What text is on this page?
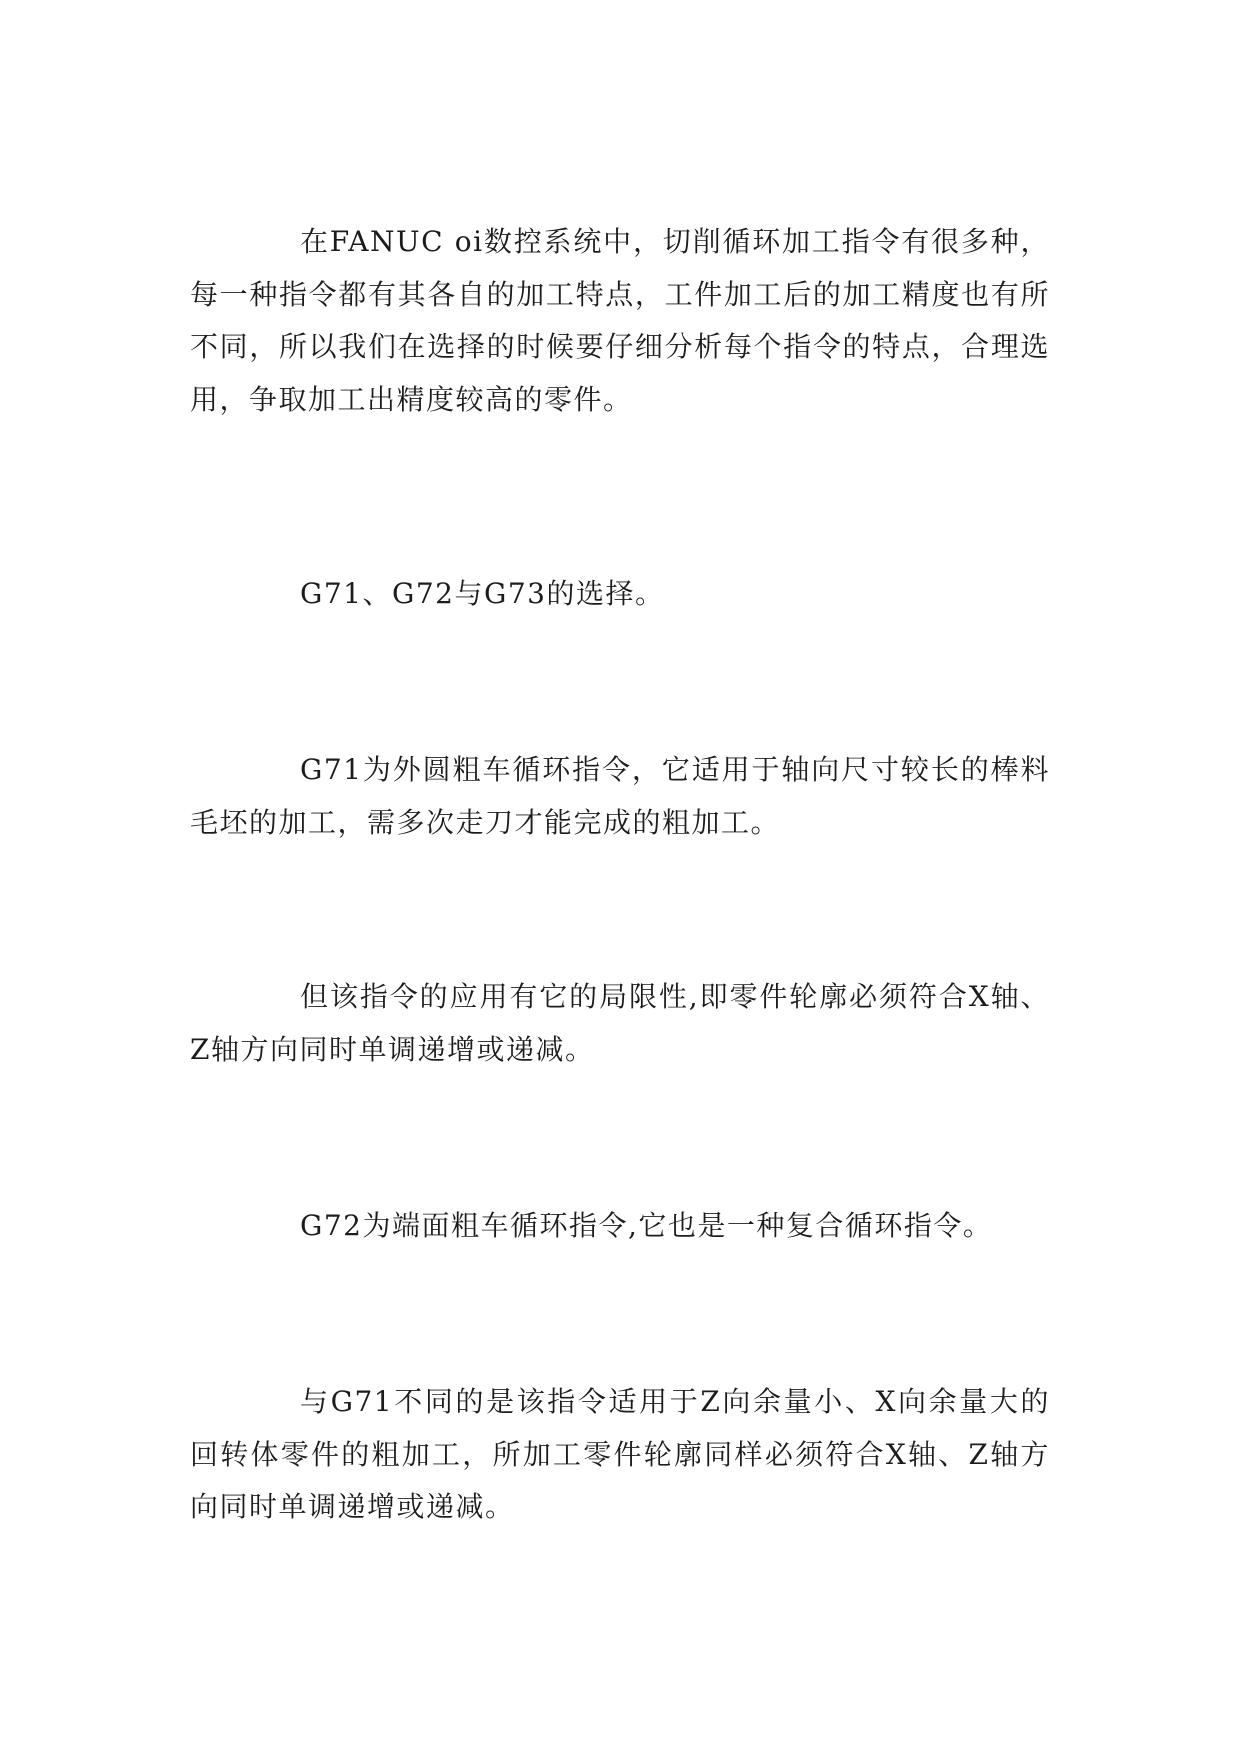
在FANUC oi数控系统中，切削循环加工指令有很多种，每一种指令都有其各自的加工特点，工件加工后的加工精度也有所不同，所以我们在选择的时候要仔细分析每个指令的特点，合理选用，争取加工出精度较高的零件。

G71、G72与G73的选择。

G71为外圆粗车循环指令，它适用于轴向尺寸较长的棒料毛坯的加工，需多次走刀才能完成的粗加工。

但该指令的应用有它的局限性,即零件轮廓必须符合X轴、Z轴方向同时单调递增或递减。

G72为端面粗车循环指令,它也是一种复合循环指令。

与G71不同的是该指令适用于Z向余量小、X向余量大的回转体零件的粗加工，所加工零件轮廓同样必须符合X轴、Z轴方向同时单调递增或递减。
